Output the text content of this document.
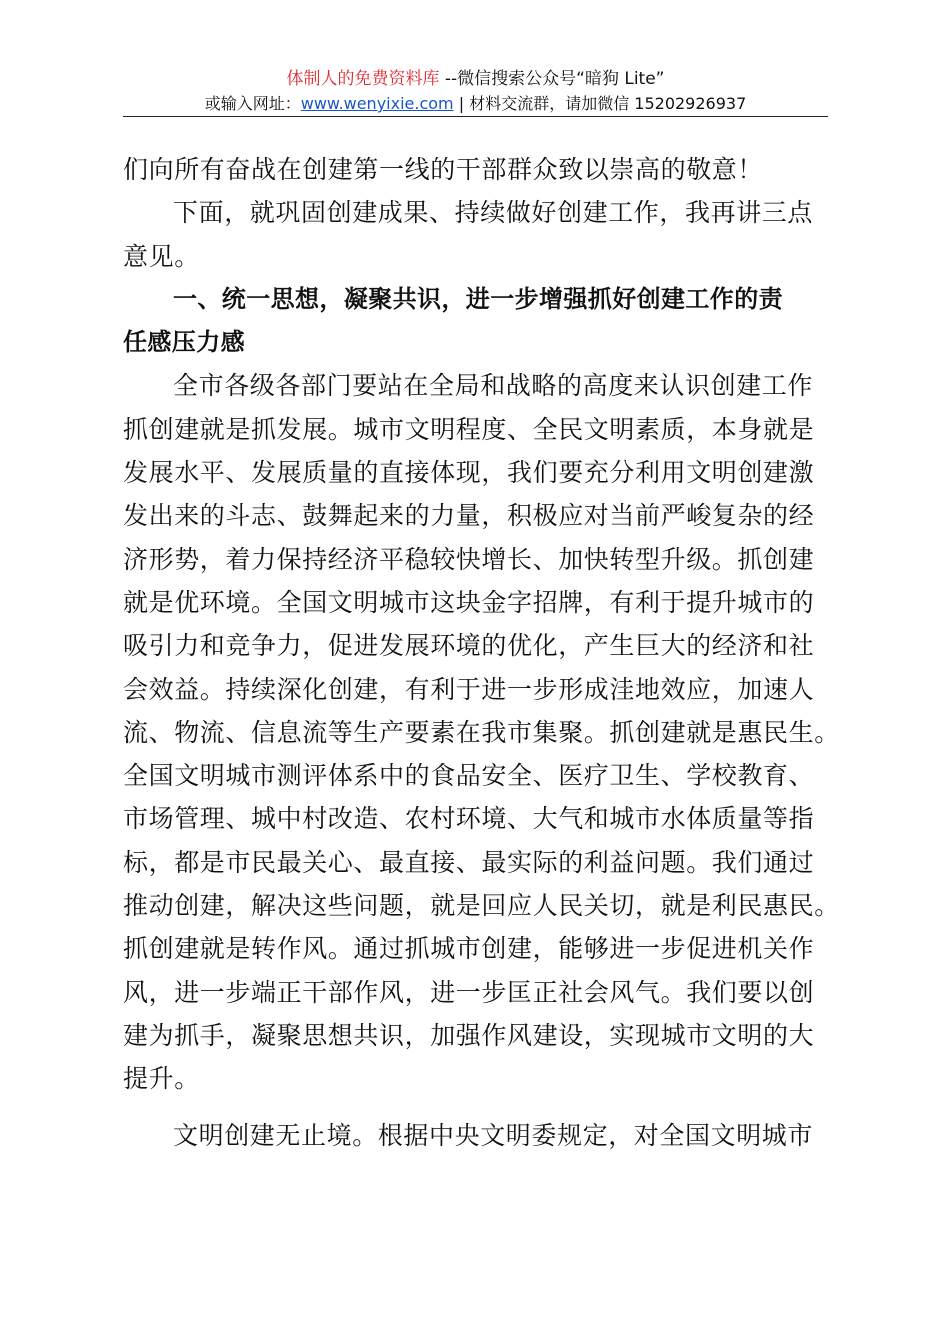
体制人的免费资料库 --微信搜索公众号“暗狗 Lite”
或输入网址：www.wenyixie.com | 材料交流群，请加微信 15202926937
们向所有奋战在创建第一线的干部群众致以崇高的敬意！
下面，就巩固创建成果、持续做好创建工作，我再讲三点
意见。
一、统一思想，凝聚共识，进一步增强抓好创建工作的责
任感压力感
全市各级各部门要站在全局和战略的高度来认识创建工作
抓创建就是抓发展。城市文明程度、全民文明素质，本身就是
发展水平、发展质量的直接体现，我们要充分利用文明创建激
发出来的斗志、鼓舞起来的力量，积极应对当前严峻复杂的经
济形势，着力保持经济平稳较快增长、加快转型升级。抓创建
就是优环境。全国文明城市这块金字招牌，有利于提升城市的
吸引力和竞争力，促进发展环境的优化，产生巨大的经济和社
会效益。持续深化创建，有利于进一步形成洼地效应，加速人
流、物流、信息流等生产要素在我市集聚。抓创建就是惠民生。
全国文明城市测评体系中的食品安全、医疗卫生、学校教育、
市场管理、城中村改造、农村环境、大气和城市水体质量等指
标，都是市民最关心、最直接、最实际的利益问题。我们通过
推动创建，解决这些问题，就是回应人民关切，就是利民惠民。
抓创建就是转作风。通过抓城市创建，能够进一步促进机关作
风，进一步端正干部作风，进一步匡正社会风气。我们要以创
建为抓手，凝聚思想共识，加强作风建设，实现城市文明的大
提升。
文明创建无止境。根据中央文明委规定，对全国文明城市
